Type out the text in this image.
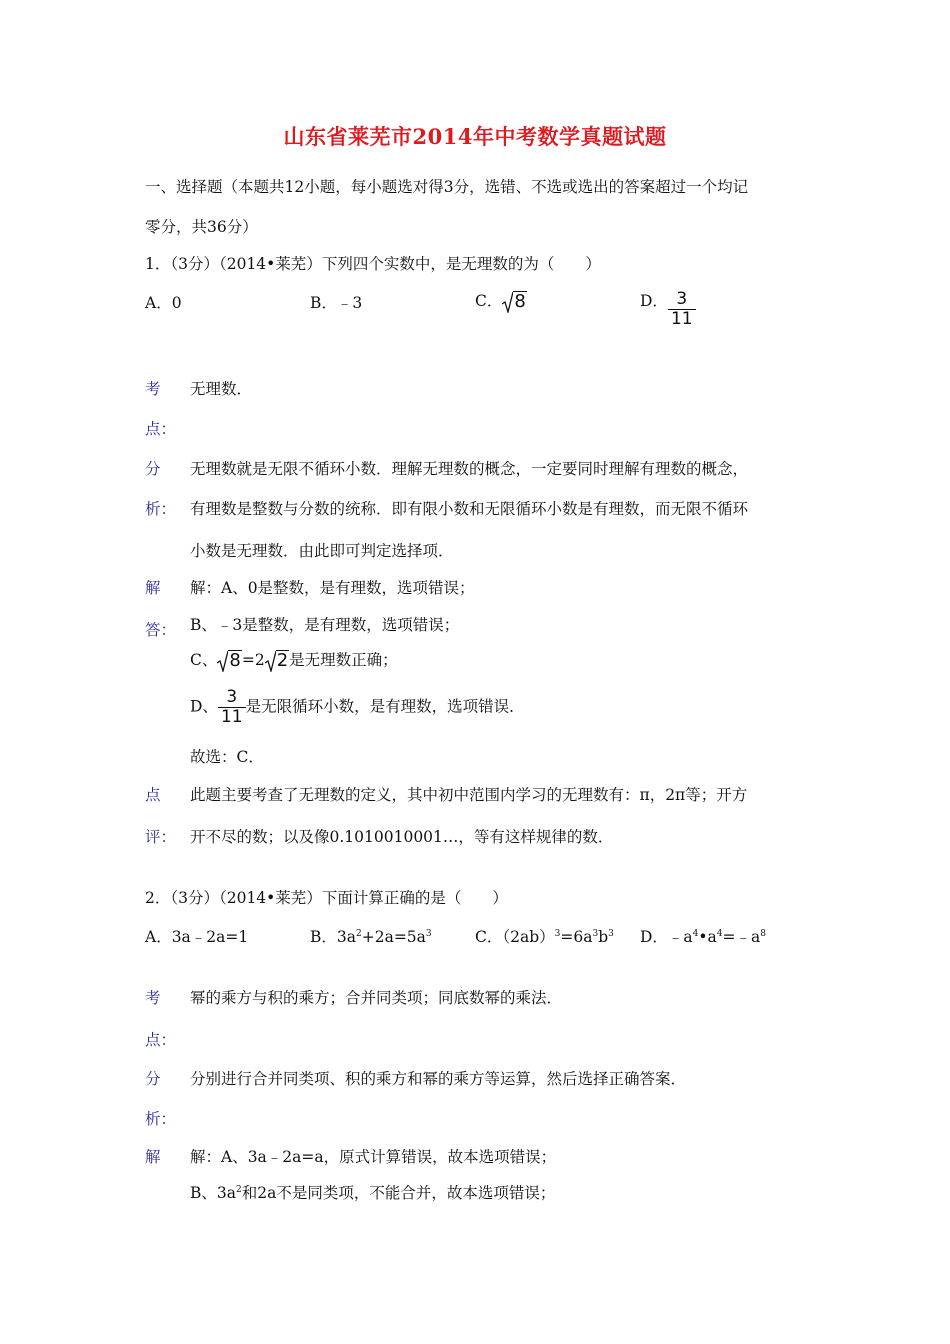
山东省莱芜市2014年中考数学真题试题
一、选择题（本题共12小题，每小题选对得3分，选错、不选或选出的答案超过一个均记
零分，共36分）
1．（3分）（2014•莱芜）下列四个实数中，是无理数的为（　　）
A．0	B．﹣3	C． 8	D． $\frac{3}{11}$
考
点：
无理数．
分
析：
无理数就是无限不循环小数．理解无理数的概念，一定要同时理解有理数的概念，
有理数是整数与分数的统称．即有限小数和无限循环小数是有理数，而无限不循环
小数是无理数．由此即可判定选择项．
解
答：
解：A、0是整数，是有理数，选项错误；
B、﹣3是整数，是有理数，选项错误；
C、 8 =2 2 是无理数正确；
D、 $\frac{3}{11}$ 是无限循环小数，是有理数，选项错误．
故选：C．
点
评：
此题主要考查了无理数的定义，其中初中范围内学习的无理数有：π，2π等；开方
开不尽的数；以及像0.1010010001…，等有这样规律的数．
2．（3分）（2014•莱芜）下面计算正确的是（　　）
A．3a﹣2a=1	B．$3a^2+2a=5a^3$	C．$(2ab)^3=6a^3b^3$ D．$﹣a^4•a^4=﹣a^8$
考
点：
幂的乘方与积的乘方；合并同类项；同底数幂的乘法．
分
析：
分别进行合并同类项、积的乘方和幂的乘方等运算，然后选择正确答案．
解 解：A、3a﹣2a=a，原式计算错误，故本选项错误；
B、$3a^2$和2a不是同类项，不能合并，故本选项错误；
